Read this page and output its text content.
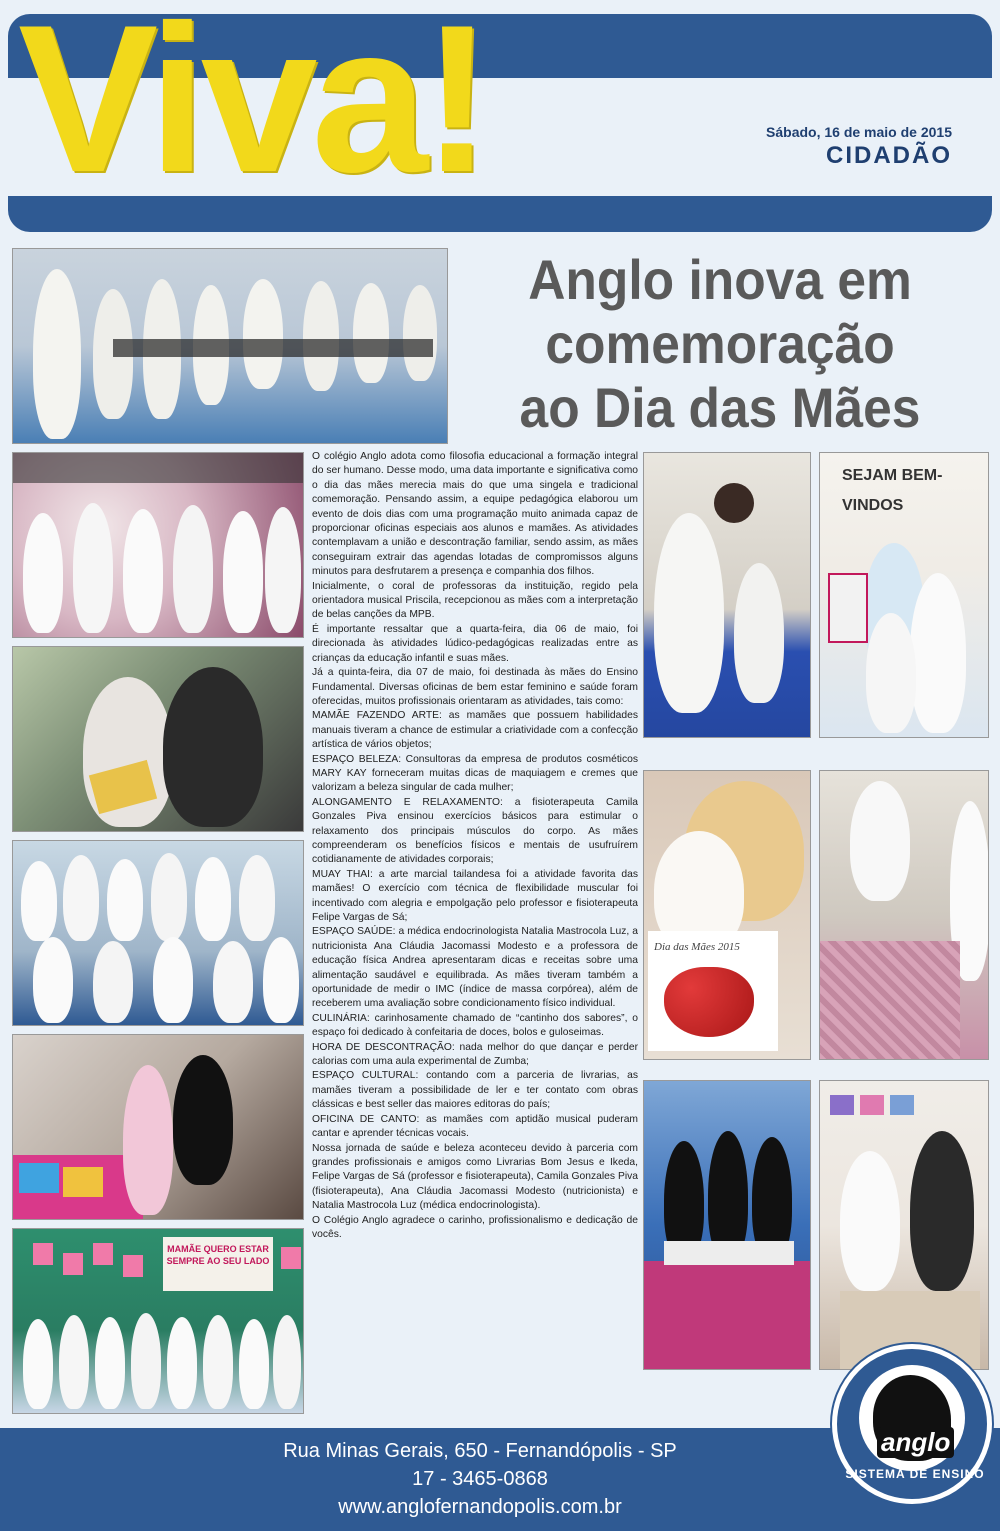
Viva!	Sábado, 16 de maio de 2015
CIDADÃO
Anglo inova em
comemoração
ao Dia das Mães
MAMÃE QUERO ESTAR SEMPRE AO SEU LADO
SEJAM BEM-VINDOS
Dia das Mães 2015

O colégio Anglo adota como filosofia educacional a formação integral do ser humano. Desse modo, uma data importante e significativa como o dia das mães merecia mais do que uma singela e tradicional comemoração. Pensando assim, a equipe pedagógica elaborou um evento de dois dias com uma programação muito animada capaz de proporcionar oficinas especiais aos alunos e mamães. As atividades contemplavam a união e descontração familiar, sendo assim, as mães conseguiram extrair das agendas lotadas de compromissos alguns minutos para desfrutarem a presença e companhia dos filhos.

Inicialmente, o coral de professoras da instituição, regido pela orientadora musical Priscila, recepcionou as mães com a interpretação de belas canções da MPB.

É importante ressaltar que a quarta-feira, dia 06 de maio, foi direcionada às atividades lúdico-pedagógicas realizadas entre as crianças da educação infantil e suas mães.

Já a quinta-feira, dia 07 de maio, foi destinada às mães do Ensino Fundamental. Diversas oficinas de bem estar feminino e saúde foram oferecidas, muitos profissionais orientaram as atividades, tais como:

MAMÃE FAZENDO ARTE: as mamães que possuem habilidades manuais tiveram a chance de estimular a criatividade com a confecção artística de vários objetos;

ESPAÇO BELEZA: Consultoras da empresa de produtos cosméticos MARY KAY forneceram muitas dicas de maquiagem e cremes que valorizam a beleza singular de cada mulher;

ALONGAMENTO E RELAXAMENTO: a fisioterapeuta Camila Gonzales Piva ensinou exercícios básicos para estimular o relaxamento dos principais músculos do corpo. As mães compreenderam os benefícios físicos e mentais de usufruírem cotidianamente de atividades corporais;

MUAY THAI: a arte marcial tailandesa foi a atividade favorita das mamães! O exercício com técnica de flexibilidade muscular foi incentivado com alegria e empolgação pelo professor e fisioterapeuta Felipe Vargas de Sá;

ESPAÇO SAÚDE: a médica endocrinologista Natalia Mastrocola Luz, a nutricionista Ana Cláudia Jacomassi Modesto e a professora de educação física Andrea apresentaram dicas e receitas sobre uma alimentação saudável e equilibrada. As mães tiveram também a oportunidade de medir o IMC (índice de massa corpórea), além de receberem uma avaliação sobre condicionamento físico individual.

CULINÁRIA: carinhosamente chamado de “cantinho dos sabores”, o espaço foi dedicado à confeitaria de doces, bolos e guloseimas.

HORA DE DESCONTRAÇÃO: nada melhor do que dançar e perder calorias com uma aula experimental de Zumba;

ESPAÇO CULTURAL: contando com a parceria de livrarias, as mamães tiveram a possibilidade de ler e ter contato com obras clássicas e best seller das maiores editoras do país;

OFICINA DE CANTO: as mamães com aptidão musical puderam cantar e aprender técnicas vocais.

Nossa jornada de saúde e beleza aconteceu devido à parceria com grandes profissionais e amigos como Livrarias Bom Jesus e Ikeda, Felipe Vargas de Sá (professor e fisioterapeuta), Camila Gonzales Piva (fisioterapeuta), Ana Cláudia Jacomassi Modesto (nutricionista) e Natalia Mastrocola Luz (médica endocrinologista).

O Colégio Anglo agradece o carinho, profissionalismo e dedicação de vocês.

Rua Minas Gerais, 650 - Fernandópolis - SP
17 - 3465-0868
www.anglofernandopolis.com.br
anglo
SISTEMA DE ENSINO
